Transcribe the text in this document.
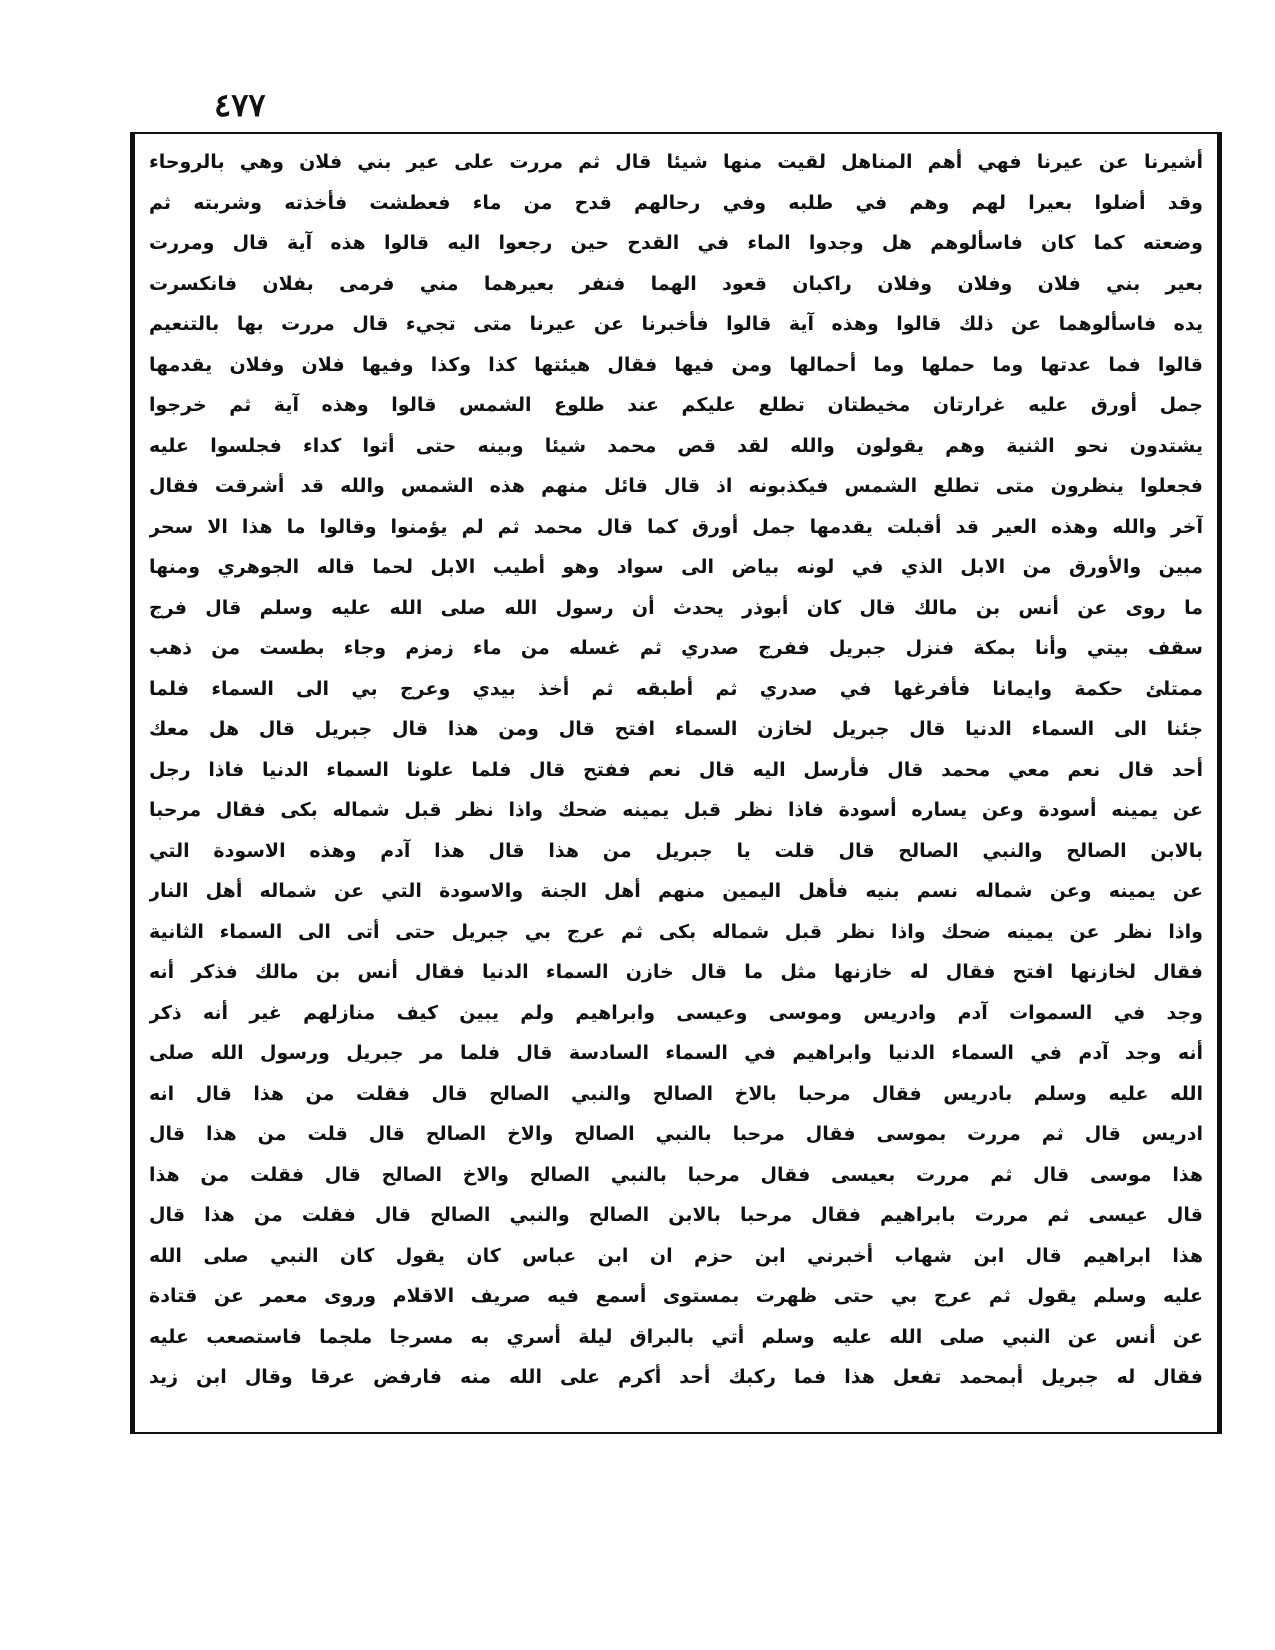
٤٧٧
أشيرنا عن عيرنا فهي أهم المناهل لقيت منها شيئا قال ثم مررت على عير بني فلان وهي بالروحاء
وقد أضلوا بعيرا لهم وهم في طلبه وفي رحالهم قدح من ماء فعطشت فأخذته وشربته ثم
وضعته كما كان فاسألوهم هل وجدوا الماء في القدح حين رجعوا اليه قالوا هذه آية قال ومررت
بعير بني فلان وفلان وفلان راكبان قعود الهما فنفر بعيرهما مني فرمى بفلان فانكسرت
يده فاسألوهما عن ذلك قالوا وهذه آية قالوا فأخبرنا عن عيرنا متى تجيء قال مررت بها بالتنعيم
قالوا فما عدتها وما حملها وما أحمالها ومن فيها فقال هيئتها كذا وكذا وفيها فلان وفلان يقدمها
جمل أورق عليه غرارتان مخيطتان تطلع عليكم عند طلوع الشمس قالوا وهذه آية ثم خرجوا
يشتدون نحو الثنية وهم يقولون والله لقد قص محمد شيئا وبينه حتى أتوا كداء فجلسوا عليه
فجعلوا ينظرون متى تطلع الشمس فيكذبونه اذ قال قائل منهم هذه الشمس والله قد أشرقت فقال
آخر والله وهذه العير قد أقبلت يقدمها جمل أورق كما قال محمد ثم لم يؤمنوا وقالوا ما هذا الا سحر
مبين والأورق من الابل الذي في لونه بياض الى سواد وهو أطيب الابل لحما قاله الجوهري ومنها
ما روى عن أنس بن مالك قال كان أبوذر يحدث أن رسول الله صلى الله عليه وسلم قال فرج
سقف بيتي وأنا بمكة فنزل جبريل ففرج صدري ثم غسله من ماء زمزم وجاء بطست من ذهب
ممتلئ حكمة وايمانا فأفرغها في صدري ثم أطبقه ثم أخذ بيدي وعرج بي الى السماء فلما
جئنا الى السماء الدنيا قال جبريل لخازن السماء افتح قال ومن هذا قال جبريل قال هل معك
أحد قال نعم معي محمد قال فأرسل اليه قال نعم ففتح قال فلما علونا السماء الدنيا فاذا رجل
عن يمينه أسودة وعن يساره أسودة فاذا نظر قبل يمينه ضحك واذا نظر قبل شماله بكى فقال مرحبا
بالابن الصالح والنبي الصالح قال قلت يا جبريل من هذا قال هذا آدم وهذه الاسودة التي
عن يمينه وعن شماله نسم بنيه فأهل اليمين منهم أهل الجنة والاسودة التي عن شماله أهل النار
واذا نظر عن يمينه ضحك واذا نظر قبل شماله بكى ثم عرج بي جبريل حتى أتى الى السماء الثانية
فقال لخازنها افتح فقال له خازنها مثل ما قال خازن السماء الدنيا فقال أنس بن مالك فذكر أنه
وجد في السموات آدم وادريس وموسى وعيسى وابراهيم ولم يبين كيف منازلهم غير أنه ذكر
أنه وجد آدم في السماء الدنيا وابراهيم في السماء السادسة قال فلما مر جبريل ورسول الله صلى
الله عليه وسلم بادريس فقال مرحبا بالاخ الصالح والنبي الصالح قال فقلت من هذا قال انه
ادريس قال ثم مررت بموسى فقال مرحبا بالنبي الصالح والاخ الصالح قال قلت من هذا قال
هذا موسى قال ثم مررت بعيسى فقال مرحبا بالنبي الصالح والاخ الصالح قال فقلت من هذا
قال عيسى ثم مررت بابراهيم فقال مرحبا بالابن الصالح والنبي الصالح قال فقلت من هذا قال
هذا ابراهيم قال ابن شهاب أخبرني ابن حزم ان ابن عباس كان يقول كان النبي صلى الله
عليه وسلم يقول ثم عرج بي حتى ظهرت بمستوى أسمع فيه صريف الاقلام وروى معمر عن قتادة
عن أنس عن النبي صلى الله عليه وسلم أتي بالبراق ليلة أسري به مسرجا ملجما فاستصعب عليه
فقال له جبريل أبمحمد تفعل هذا فما ركبك أحد أكرم على الله منه فارفض عرقا وقال ابن زيد
